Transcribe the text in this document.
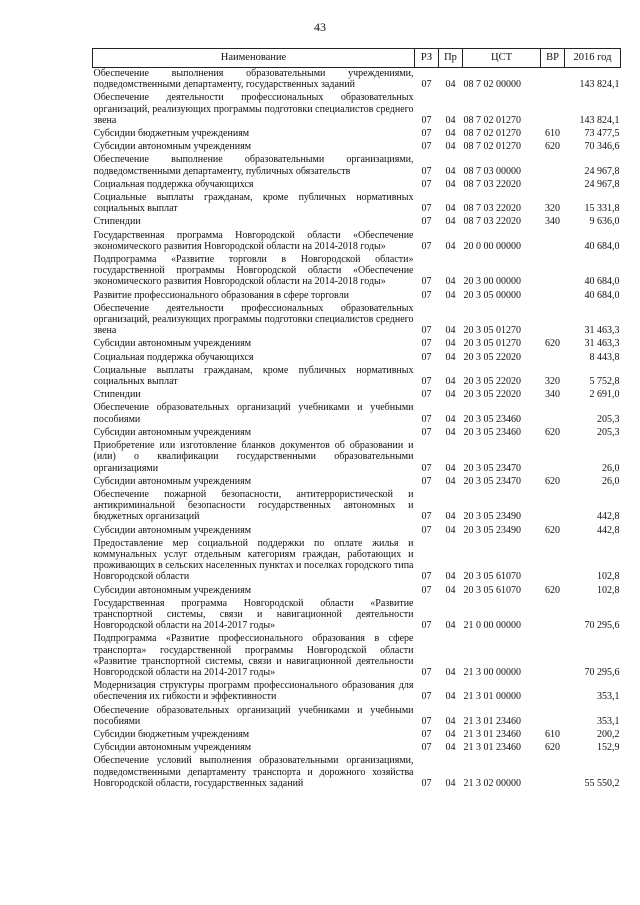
43
Наименование	РЗ	Пр	ЦСТ	ВР	2016 год
Обеспечение выполнения образовательными учреждениями, подведомственными департаменту, государственных заданий	07	04	08 7 02 00000		143 824,1
Обеспечение деятельности профессиональных образовательных организаций, реализующих программы подготовки специалистов среднего звена	07	04	08 7 02 01270		143 824,1
Субсидии бюджетным учреждениям	07	04	08 7 02 01270	610	73 477,5
Субсидии автономным учреждениям	07	04	08 7 02 01270	620	70 346,6
Обеспечение выполнение образовательными организациями, подведомственными департаменту, публичных обязательств	07	04	08 7 03 00000		24 967,8
Социальная поддержка обучающихся	07	04	08 7 03 22020		24 967,8
Социальные выплаты гражданам, кроме публичных нормативных социальных выплат	07	04	08 7 03 22020	320	15 331,8
Стипендии	07	04	08 7 03 22020	340	9 636,0
Государственная программа Новгородской области «Обеспечение экономического развития Новгородской области на 2014-2018 годы»	07	04	20 0 00 00000		40 684,0
Подпрограмма «Развитие торговли в Новгородской области» государственной программы Новгородской области «Обеспечение экономического развития Новгородской области на 2014-2018 годы»	07	04	20 3 00 00000		40 684,0
Развитие профессионального образования в сфере торговли	07	04	20 3 05 00000		40 684,0
Обеспечение деятельности профессиональных образовательных организаций, реализующих программы подготовки специалистов среднего звена	07	04	20 3 05 01270		31 463,3
Субсидии автономным учреждениям	07	04	20 3 05 01270	620	31 463,3
Социальная поддержка обучающихся	07	04	20 3 05 22020		8 443,8
Социальные выплаты гражданам, кроме публичных нормативных социальных выплат	07	04	20 3 05 22020	320	5 752,8
Стипендии	07	04	20 3 05 22020	340	2 691,0
Обеспечение образовательных организаций учебниками и учебными пособиями	07	04	20 3 05 23460		205,3
Субсидии автономным учреждениям	07	04	20 3 05 23460	620	205,3
Приобретение или изготовление бланков документов об образовании и (или) о квалификации государственными образовательными организациями	07	04	20 3 05 23470		26,0
Субсидии автономным учреждениям	07	04	20 3 05 23470	620	26,0
Обеспечение пожарной безопасности, антитеррористической и антикриминальной безопасности государственных автономных и бюджетных организаций	07	04	20 3 05 23490		442,8
Субсидии автономным учреждениям	07	04	20 3 05 23490	620	442,8
Предоставление мер социальной поддержки по оплате жилья и коммунальных услуг отдельным категориям граждан, работающих и проживающих в сельских населенных пунктах и поселках городского типа Новгородской области	07	04	20 3 05 61070		102,8
Субсидии автономным учреждениям	07	04	20 3 05 61070	620	102,8
Государственная программа Новгородской области «Развитие транспортной системы, связи и навигационной деятельности Новгородской области на 2014-2017 годы»	07	04	21 0 00 00000		70 295,6
Подпрограмма «Развитие профессионального образования в сфере транспорта» государственной программы Новгородской области «Развитие транспортной системы, связи и навигационной деятельности Новгородской области на 2014-2017 годы»	07	04	21 3 00 00000		70 295,6
Модернизация структуры программ профессионального образования для обеспечения их гибкости и эффективности	07	04	21 3 01 00000		353,1
Обеспечение образовательных организаций учебниками и учебными пособиями	07	04	21 3 01 23460		353,1
Субсидии бюджетным учреждениям	07	04	21 3 01 23460	610	200,2
Субсидии автономным учреждениям	07	04	21 3 01 23460	620	152,9
Обеспечение условий выполнения образовательными организациями, подведомственными департаменту транспорта и дорожного хозяйства Новгородской области, государственных заданий	07	04	21 3 02 00000		55 550,2
